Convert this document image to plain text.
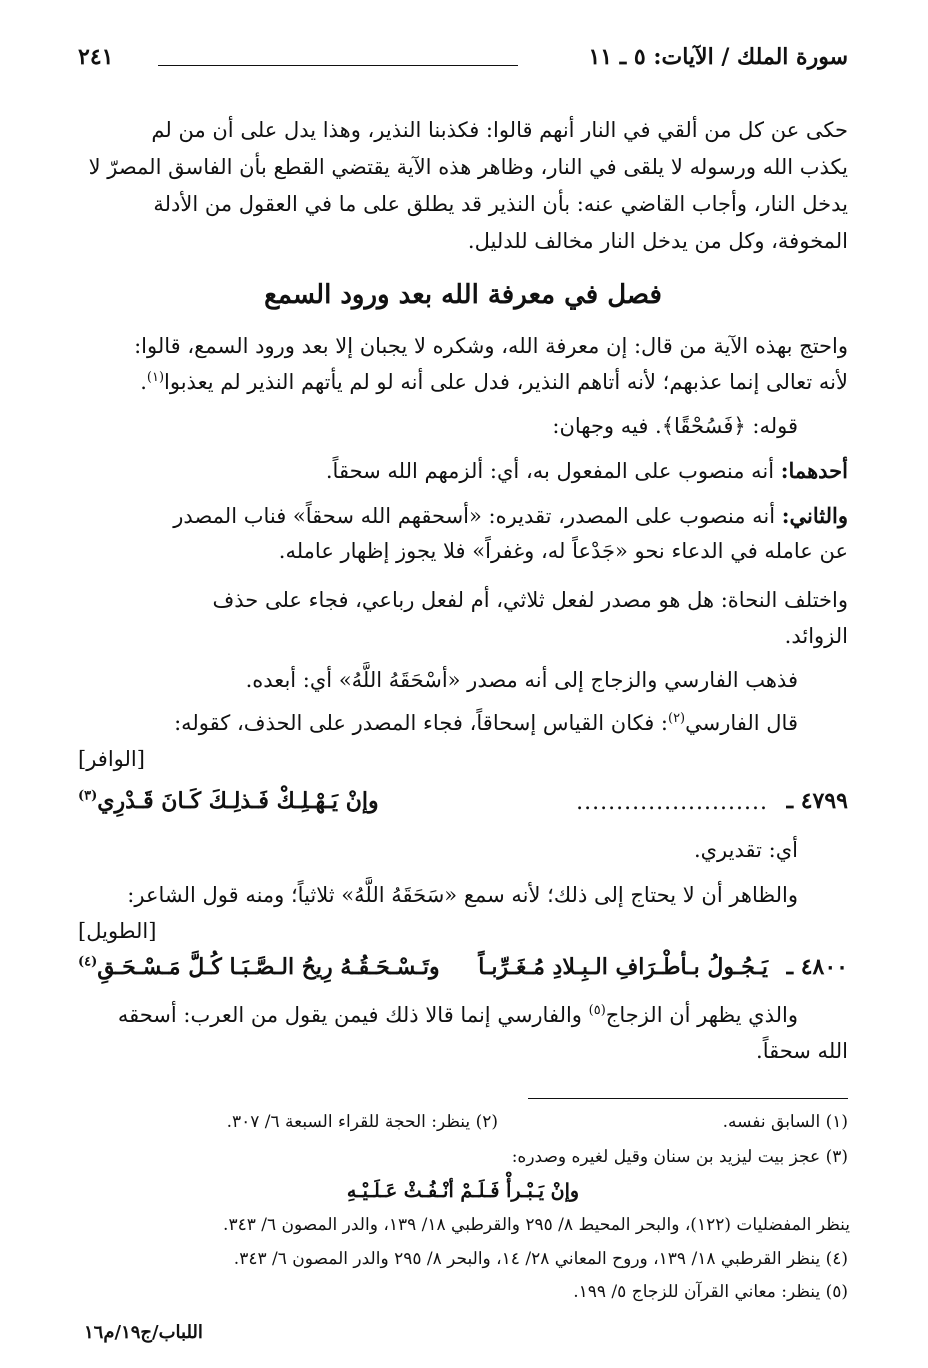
سورة الملك / الآيات: ٥ ـ ١١
٢٤١
حكى عن كل من ألقي في النار أنهم قالوا: فكذبنا النذير، وهذا يدل على أن من لم
يكذب الله ورسوله لا يلقى في النار، وظاهر هذه الآية يقتضي القطع بأن الفاسق المصرّ لا
يدخل النار، وأجاب القاضي عنه: بأن النذير قد يطلق على ما في العقول من الأدلة
المخوفة، وكل من يدخل النار مخالف للدليل.
فصل في معرفة الله بعد ورود السمع
واحتج بهذه الآية من قال: إن معرفة الله، وشكره لا يجبان إلا بعد ورود السمع، قالوا:
لأنه تعالى إنما عذبهم؛ لأنه أتاهم النذير، فدل على أنه لو لم يأتهم النذير لم يعذبوا$^{(١)}$.
قوله: ﴿فَسُحْقًا﴾. فيه وجهان:
أحدهما: أنه منصوب على المفعول به، أي: ألزمهم الله سحقاً.
والثاني: أنه منصوب على المصدر، تقديره: «أسحقهم الله سحقاً» فناب المصدر
عن عامله في الدعاء نحو «جَدْعاً له، وغفراً» فلا يجوز إظهار عامله.
واختلف النحاة: هل هو مصدر لفعل ثلاثي، أم لفعل رباعي، فجاء على حذف
الزوائد.
فذهب الفارسي والزجاج إلى أنه مصدر «أسْحَقَهُ اللَّهُ» أي: أبعده.
قال الفارسي$^{(٢)}$: فكان القياس إسحاقاً، فجاء المصدر على الحذف، كقوله:
[الوافر]
٤٧٩٩ ـ
........................
وإنْ يَـهْـلِـكْ فَـذلِـكَ كَـانَ قَـدْرِي$^{(٣)}$
أي: تقديري.
والظاهر أن لا يحتاج إلى ذلك؛ لأنه سمع «سَحَقَهُ اللَّهُ» ثلاثياً؛ ومنه قول الشاعر:
[الطويل]
٤٨٠٠ ـ
يَـجُـولُ بـأطْـرَافِ الـبِـلادِ مُـغَـرِّبـاً
وتَـسْـحَـقُـهُ رِيحُ الـصَّـبَـا كُـلَّ مَـسْـحَـقِ$^{(٤)}$
والذي يظهر أن الزجاج$^{(٥)}$ والفارسي إنما قالا ذلك فيمن يقول من العرب: أسحقه
الله سحقاً.
(١) السابق نفسه.
(٢) ينظر: الحجة للقراء السبعة ٦/ ٣٠٧.
(٣) عجز بيت ليزيد بن سنان وقيل لغيره وصدره:
وإنْ يَـبْـرأْ فَـلَـمْ أنْـفُـثْ عَـلَـيْـهِ
ينظر المفضليات (١٢٢)، والبحر المحيط ٨/ ٢٩٥ والقرطبي ١٨/ ١٣٩، والدر المصون ٦/ ٣٤٣.
(٤) ينظر القرطبي ١٨/ ١٣٩، وروح المعاني ٢٨/ ١٤، والبحر ٨/ ٢٩٥ والدر المصون ٦/ ٣٤٣.
(٥) ينظر: معاني القرآن للزجاج ٥/ ١٩٩.
اللباب/ج١٩/م١٦
